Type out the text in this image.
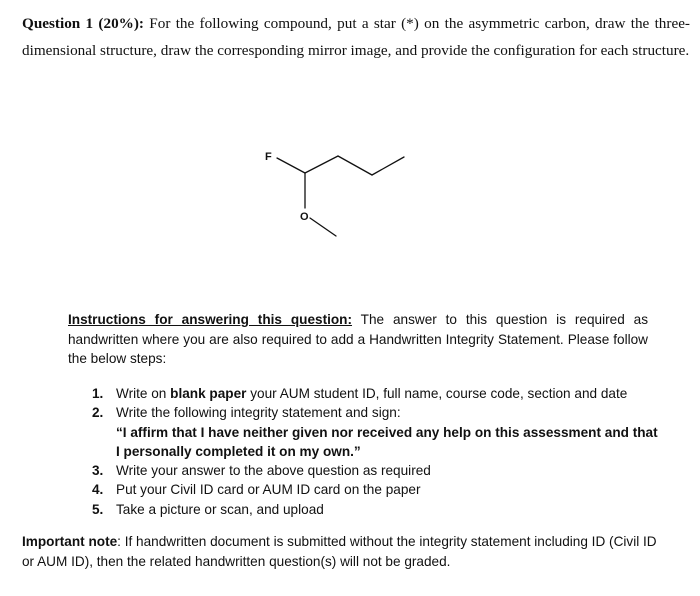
Question 1 (20%): For the following compound, put a star (*) on the asymmetric carbon, draw the three-dimensional structure, draw the corresponding mirror image, and provide the configuration for each structure.
F
O
Instructions for answering this question: The answer to this question is required as handwritten where you are also required to add a Handwritten Integrity Statement. Please follow the below steps:
1. Write on blank paper your AUM student ID, full name, course code, section and date
2. Write the following integrity statement and sign:
“I affirm that I have neither given nor received any help on this assessment and that I personally completed it on my own.”
3. Write your answer to the above question as required
4. Put your Civil ID card or AUM ID card on the paper
5. Take a picture or scan, and upload
Important note: If handwritten document is submitted without the integrity statement including ID (Civil ID or AUM ID), then the related handwritten question(s) will not be graded.
